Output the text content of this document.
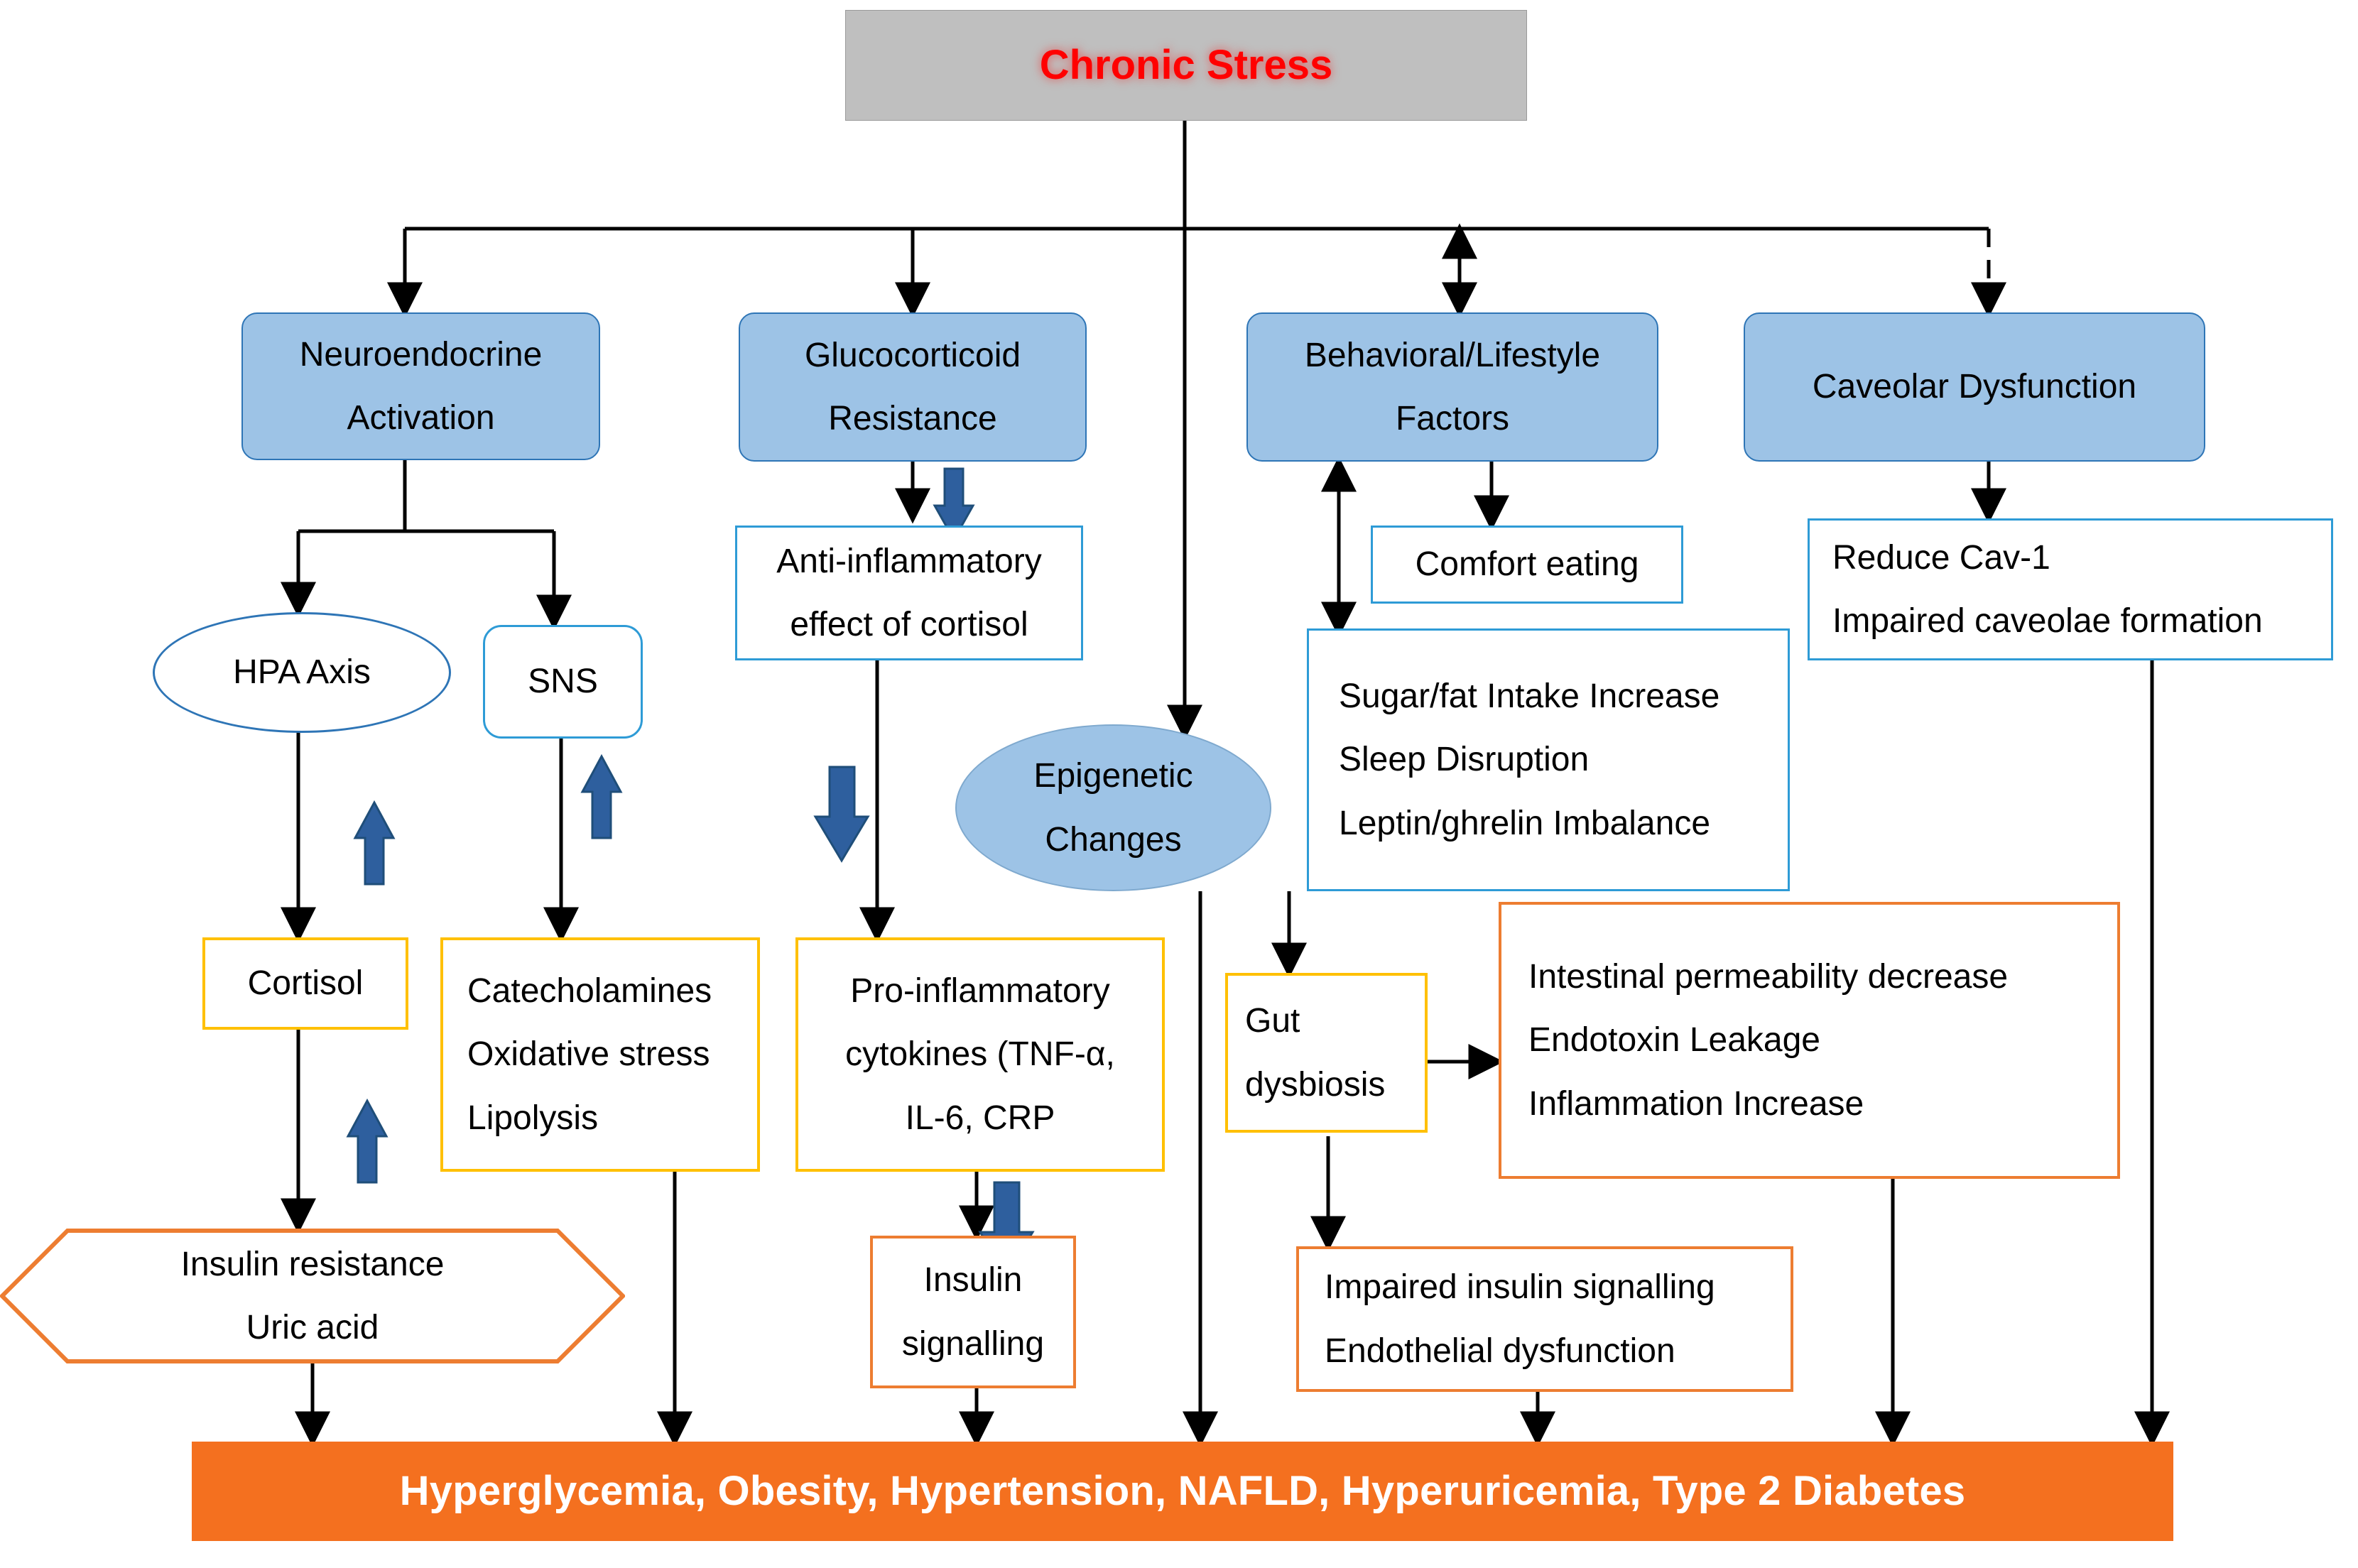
Chronic Stress
Neuroendocrine
Activation
Glucocorticoid
Resistance
Behavioral/Lifestyle
Factors
Caveolar Dysfunction
HPA Axis	SNS
Anti-inflammatory
effect of cortisol
Epigenetic
Changes
Comfort eating
Sugar/fat Intake Increase
Sleep Disruption
Leptin/ghrelin Imbalance
Reduce Cav-1
Impaired caveolae formation
Cortisol	Catecholamines
Oxidative stress
Lipolysis
Pro-inflammatory
cytokines (TNF-α,
IL-6, CRP
Gut
dysbiosis
Intestinal permeability decrease
Endotoxin Leakage
Inflammation Increase
Insulin resistance
Uric acid
Insulin
signalling
Impaired insulin signalling
Endothelial dysfunction
Hyperglycemia, Obesity, Hypertension, NAFLD, Hyperuricemia, Type 2 Diabetes
